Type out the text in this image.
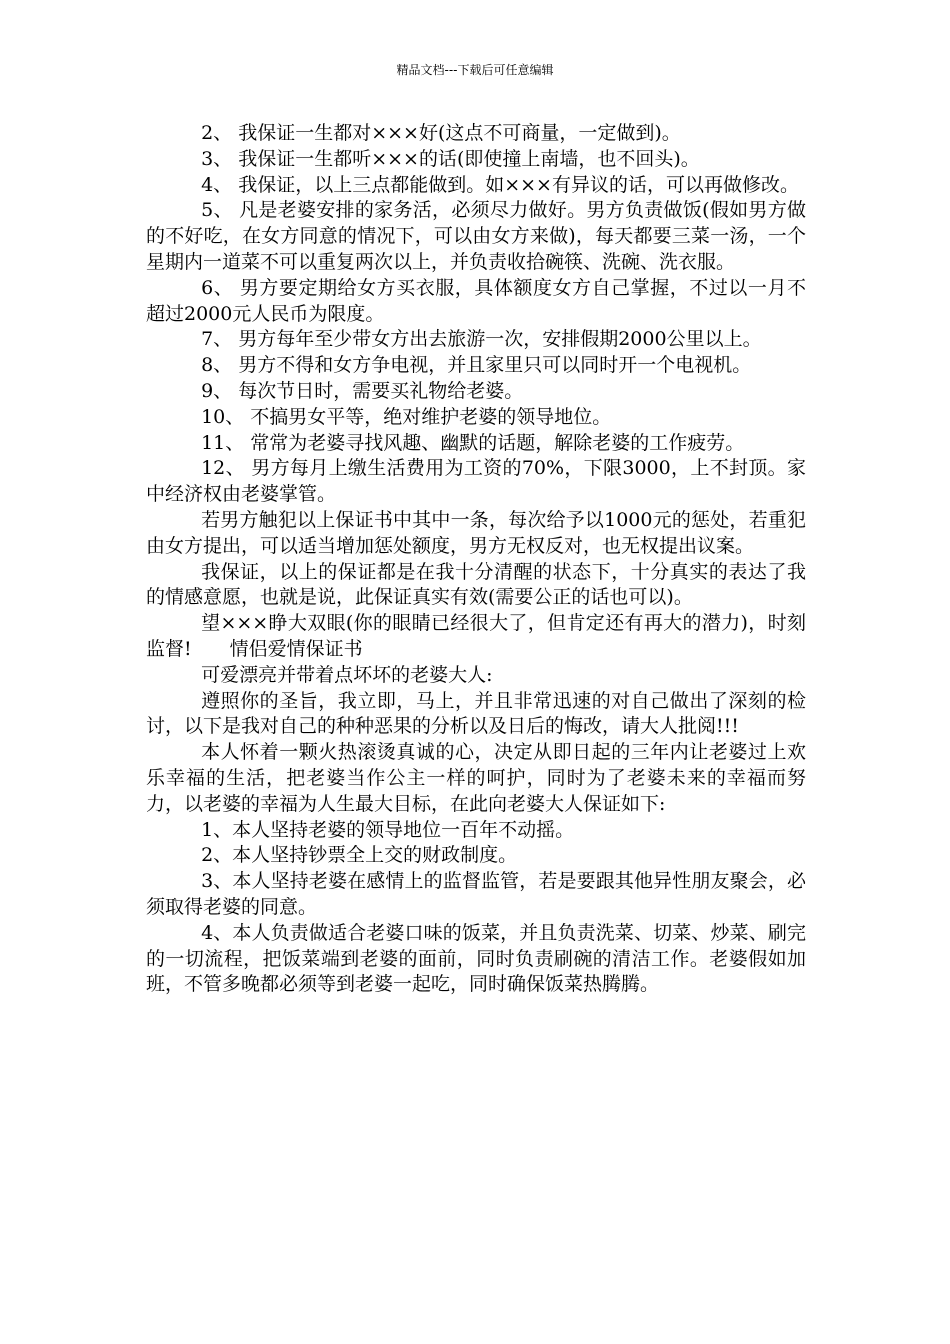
精品文档---下载后可任意编辑

2、 我保证一生都对×××好(这点不可商量，一定做到)。

3、 我保证一生都听×××的话(即使撞上南墙，也不回头)。

4、 我保证，以上三点都能做到。如×××有异议的话，可以再做修改。

5、 凡是老婆安排的家务活，必须尽力做好。男方负责做饭(假如男方做的不好吃，在女方同意的情况下，可以由女方来做)，每天都要三菜一汤，一个星期内一道菜不可以重复两次以上，并负责收拾碗筷、洗碗、洗衣服。

6、 男方要定期给女方买衣服，具体额度女方自己掌握，不过以一月不超过2000元人民币为限度。

7、 男方每年至少带女方出去旅游一次，安排假期2000公里以上。

8、 男方不得和女方争电视，并且家里只可以同时开一个电视机。

9、 每次节日时，需要买礼物给老婆。

10、 不搞男女平等，绝对维护老婆的领导地位。

11、 常常为老婆寻找风趣、幽默的话题，解除老婆的工作疲劳。

12、 男方每月上缴生活费用为工资的70%，下限3000，上不封顶。家中经济权由老婆掌管。

若男方触犯以上保证书中其中一条，每次给予以1000元的惩处，若重犯由女方提出，可以适当增加惩处额度，男方无权反对，也无权提出议案。

我保证，以上的保证都是在我十分清醒的状态下，十分真实的表达了我的情感意愿，也就是说，此保证真实有效(需要公正的话也可以)。

望×××睁大双眼(你的眼睛已经很大了，但肯定还有再大的潜力)，时刻监督!　　情侣爱情保证书

可爱漂亮并带着点坏坏的老婆大人:

遵照你的圣旨，我立即，马上，并且非常迅速的对自己做出了深刻的检讨，以下是我对自己的种种恶果的分析以及日后的悔改，请大人批阅!!!

本人怀着一颗火热滚烫真诚的心，决定从即日起的三年内让老婆过上欢乐幸福的生活，把老婆当作公主一样的呵护，同时为了老婆未来的幸福而努力，以老婆的幸福为人生最大目标，在此向老婆大人保证如下:

1、本人坚持老婆的领导地位一百年不动摇。

2、本人坚持钞票全上交的财政制度。

3、本人坚持老婆在感情上的监督监管，若是要跟其他异性朋友聚会，必须取得老婆的同意。

4、本人负责做适合老婆口味的饭菜，并且负责洗菜、切菜、炒菜、刷完的一切流程，把饭菜端到老婆的面前，同时负责刷碗的清洁工作。老婆假如加班，不管多晚都必须等到老婆一起吃，同时确保饭菜热腾腾。
